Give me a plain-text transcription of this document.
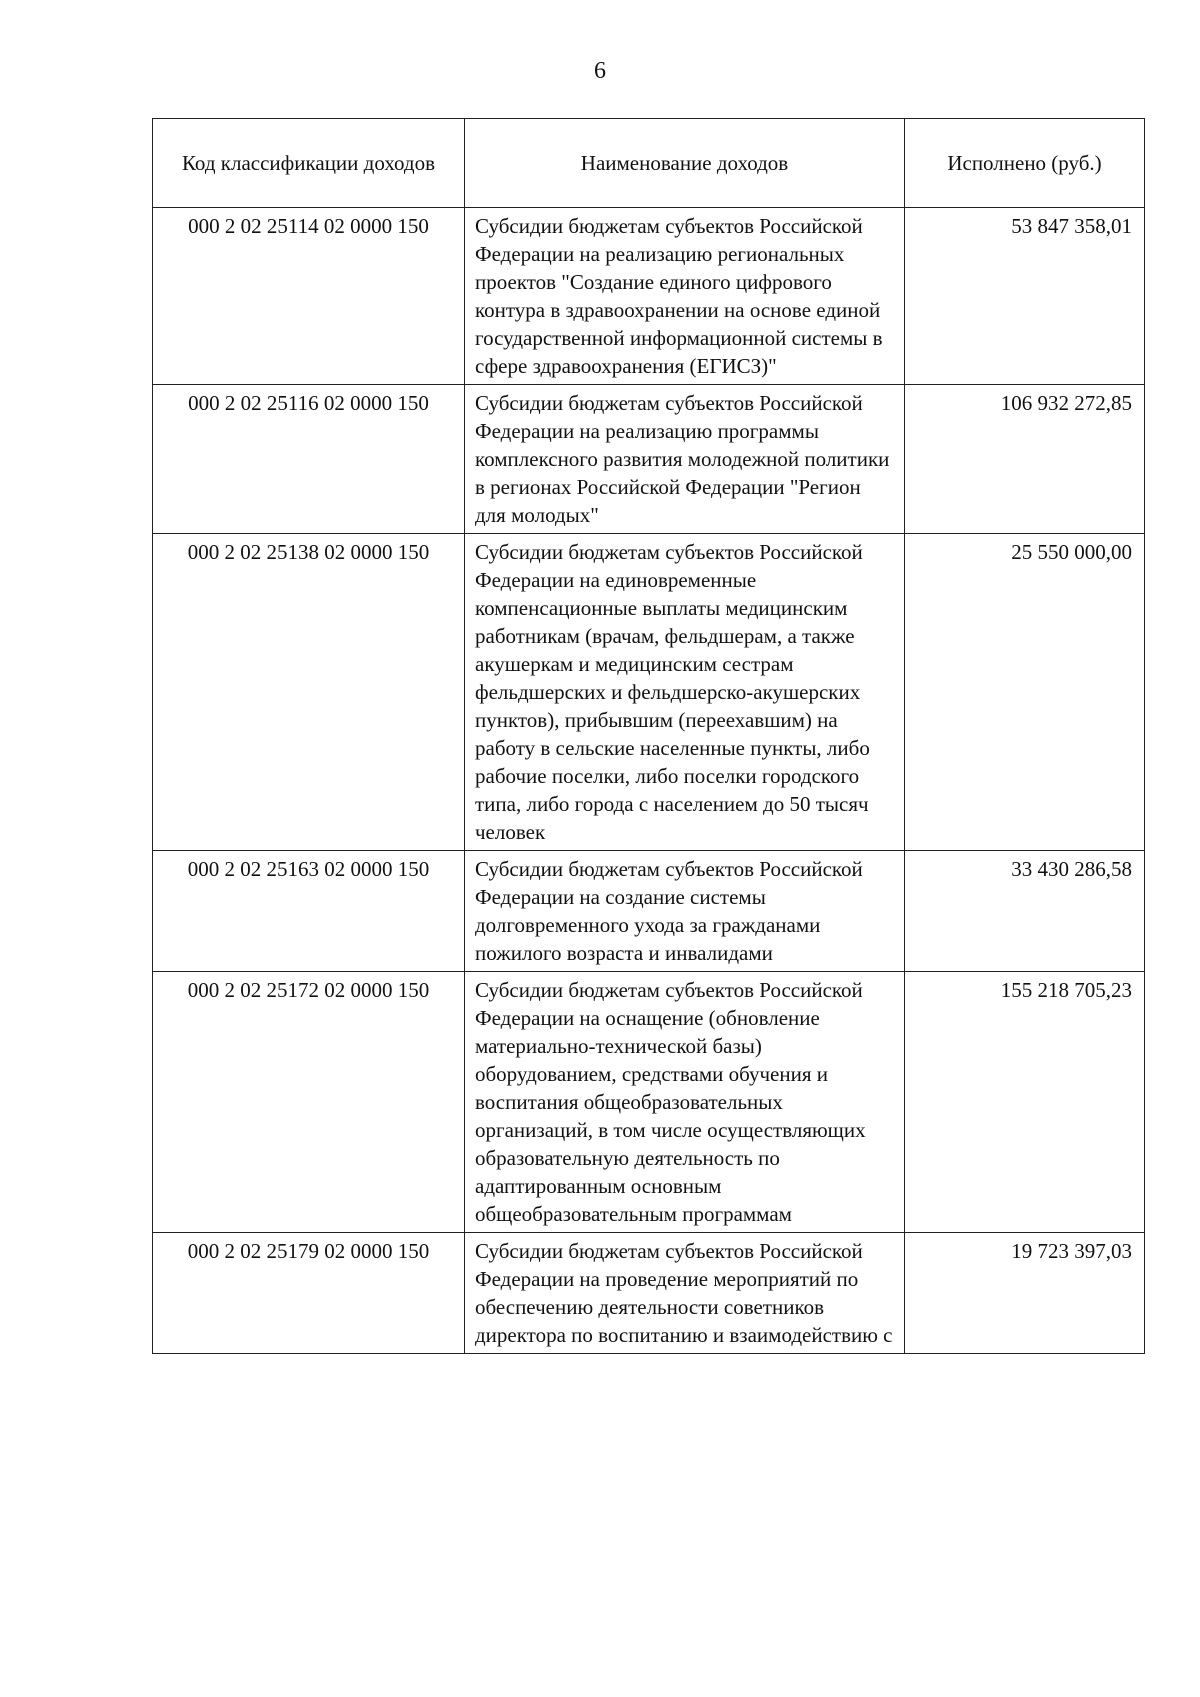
6
Код классификации доходов	Наименование доходов	Исполнено (руб.)
000 2 02 25114 02 0000 150	Субсидии бюджетам субъектов Российской Федерации на реализацию региональных проектов "Создание единого цифрового контура в здравоохранении на основе единой государственной информационной системы в сфере здравоохранения (ЕГИСЗ)"	53 847 358,01
000 2 02 25116 02 0000 150	Субсидии бюджетам субъектов Российской Федерации на реализацию программы комплексного развития молодежной политики в регионах Российской Федерации "Регион для молодых"	106 932 272,85
000 2 02 25138 02 0000 150	Субсидии бюджетам субъектов Российской Федерации на единовременные компенсационные выплаты медицинским работникам (врачам, фельдшерам, а также акушеркам и медицинским сестрам фельдшерских и фельдшерско-акушерских пунктов), прибывшим (переехавшим) на работу в сельские населенные пункты, либо рабочие поселки, либо поселки городского типа, либо города с населением до 50 тысяч человек	25 550 000,00
000 2 02 25163 02 0000 150	Субсидии бюджетам субъектов Российской Федерации на создание системы долговременного ухода за гражданами пожилого возраста и инвалидами	33 430 286,58
000 2 02 25172 02 0000 150	Субсидии бюджетам субъектов Российской Федерации на оснащение (обновление материально-технической базы) оборудованием, средствами обучения и воспитания общеобразовательных организаций, в том числе осуществляющих образовательную деятельность по адаптированным основным общеобразовательным программам	155 218 705,23
000 2 02 25179 02 0000 150	Субсидии бюджетам субъектов Российской Федерации на проведение мероприятий по обеспечению деятельности советников директора по воспитанию и взаимодействию с	19 723 397,03
